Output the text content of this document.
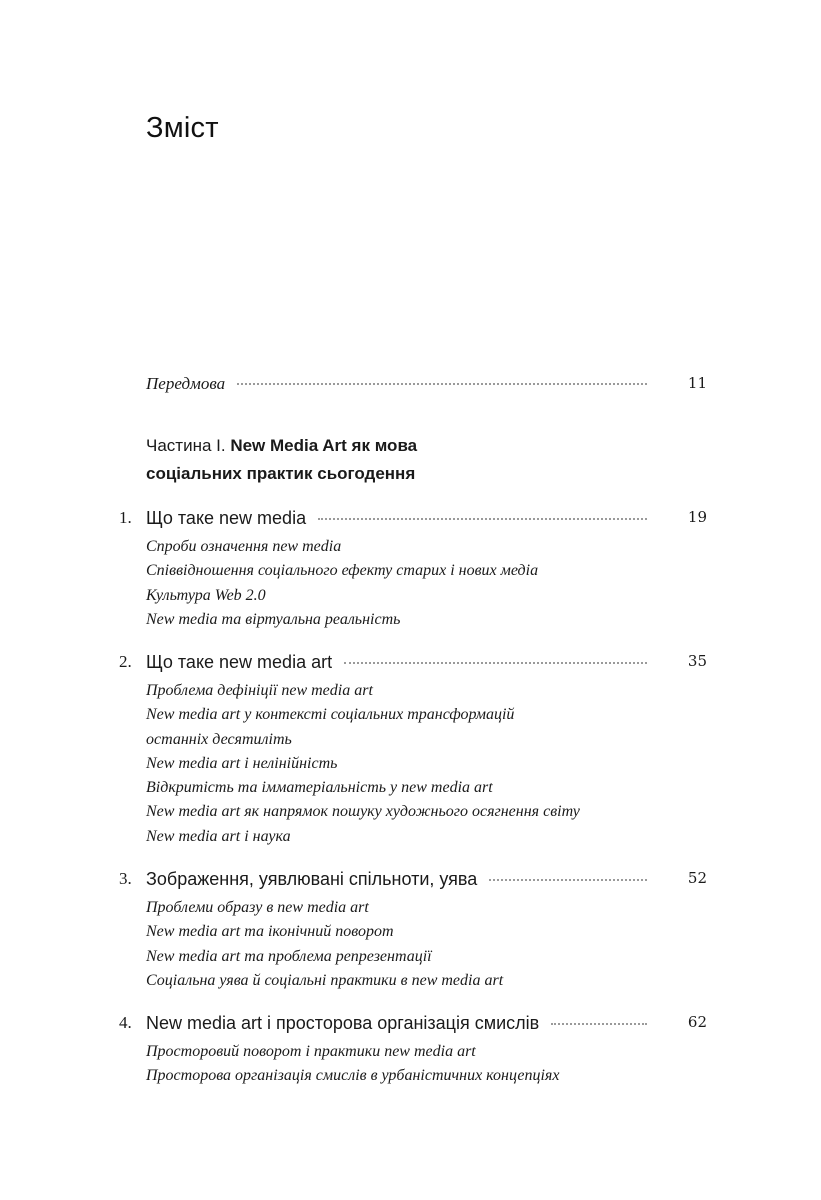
Зміст
Передмова	11
Частина І. New Media Art як мова
соціальних практик сьогодення
1. Що таке new media	19
Спроби означення new media
Співвідношення соціального ефекту старих і нових медіа
Культура Web 2.0
New media та віртуальна реальність
2. Що таке new media art	35
Проблема дефініції new media art
New media art у контексті соціальних трансформацій
останніх десятиліть
New media art і нелінійність
Відкритість та імматеріальність у new media art
New media art як напрямок пошуку художнього осягнення світу
New media art і наука
3. Зображення, уявлювані спільноти, уява	52
Проблеми образу в new media art
New media art та іконічний поворот
New media art та проблема репрезентації
Соціальна уява й соціальні практики в new media art
4. New media art і просторова організація смислів	62
Просторовий поворот і практики new media art
Просторова організація смислів в урбаністичних концепціях
